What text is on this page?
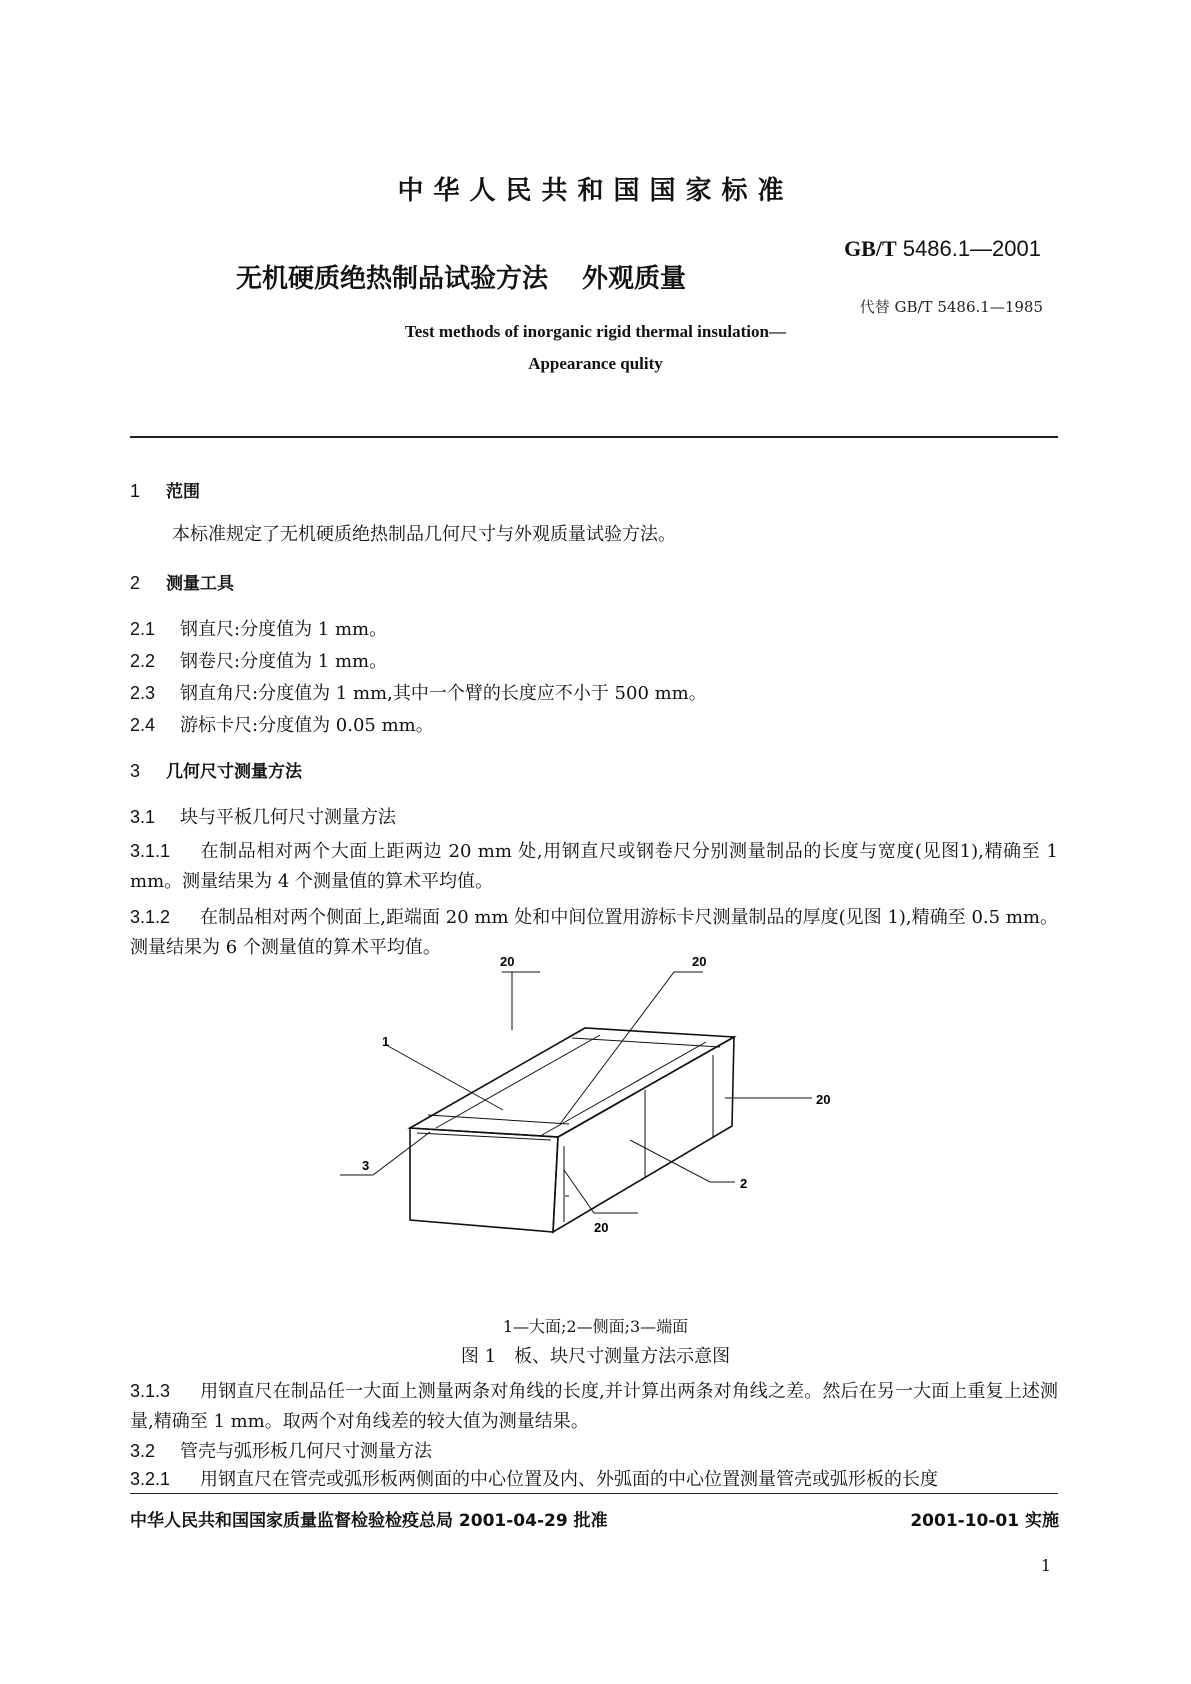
中华人民共和国国家标准
GB/T 5486.1—2001
无机硬质绝热制品试验方法 外观质量
代替 GB/T 5486.1—1985
Test methods of inorganic rigid thermal insulation—
Appearance qulity
1 范围
本标准规定了无机硬质绝热制品几何尺寸与外观质量试验方法。
2 测量工具
2.1 钢直尺:分度值为 1 mm。
2.2 钢卷尺:分度值为 1 mm。
2.3 钢直角尺:分度值为 1 mm,其中一个臂的长度应不小于 500 mm。
2.4 游标卡尺:分度值为 0.05 mm。
3 几何尺寸测量方法
3.1 块与平板几何尺寸测量方法
3.1.1 在制品相对两个大面上距两边 20 mm 处,用钢直尺或钢卷尺分别测量制品的长度与宽度(见图1),精确至 1 mm。测量结果为 4 个测量值的算术平均值。
3.1.2 在制品相对两个侧面上,距端面 20 mm 处和中间位置用游标卡尺测量制品的厚度(见图 1),精确至 0.5 mm。测量结果为 6 个测量值的算术平均值。
20	20
20
20
1
2
3
1—大面;2—侧面;3—端面
图 1　板、块尺寸测量方法示意图
3.1.3 用钢直尺在制品任一大面上测量两条对角线的长度,并计算出两条对角线之差。然后在另一大面上重复上述测量,精确至 1 mm。取两个对角线差的较大值为测量结果。
3.2 管壳与弧形板几何尺寸测量方法
3.2.1 用钢直尺在管壳或弧形板两侧面的中心位置及内、外弧面的中心位置测量管壳或弧形板的长度
中华人民共和国国家质量监督检验检疫总局 2001-04-29 批准	2001-10-01 实施
1
